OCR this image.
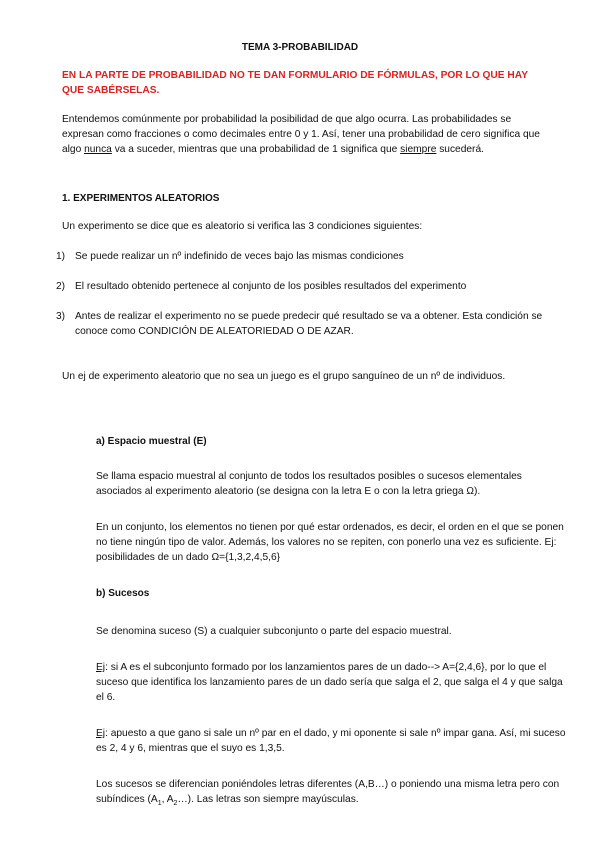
TEMA 3-PROBABILIDAD
EN LA PARTE DE PROBABILIDAD NO TE DAN FORMULARIO DE FÓRMULAS, POR LO QUE HAY QUE SABÉRSELAS.
Entendemos comúnmente por probabilidad la posibilidad de que algo ocurra. Las probabilidades se expresan como fracciones o como decimales entre 0 y 1. Así, tener una probabilidad de cero significa que algo nunca va a suceder, mientras que una probabilidad de 1 significa que siempre sucederá.
1. EXPERIMENTOS ALEATORIOS
Un experimento se dice que es aleatorio si verifica las 3 condiciones siguientes:
1) Se puede realizar un nº indefinido de veces bajo las mismas condiciones
2) El resultado obtenido pertenece al conjunto de los posibles resultados del experimento
3) Antes de realizar el experimento no se puede predecir qué resultado se va a obtener. Esta condición se conoce como CONDICIÓN DE ALEATORIEDAD O DE AZAR.
Un ej de experimento aleatorio que no sea un juego es el grupo sanguíneo de un nº de individuos.
a) Espacio muestral (E)
Se llama espacio muestral al conjunto de todos los resultados posibles o sucesos elementales asociados al experimento aleatorio (se designa con la letra E o con la letra griega Ω).
En un conjunto, los elementos no tienen por qué estar ordenados, es decir, el orden en el que se ponen no tiene ningún tipo de valor. Además, los valores no se repiten, con ponerlo una vez es suficiente. Ej: posibilidades de un dado Ω={1,3,2,4,5,6}
b) Sucesos
Se denomina suceso (S) a cualquier subconjunto o parte del espacio muestral.
Ej: si A es el subconjunto formado por los lanzamientos pares de un dado--> A={2,4,6}, por lo que el suceso que identifica los lanzamiento pares de un dado sería que salga el 2, que salga el 4 y que salga el 6.
Ej: apuesto a que gano si sale un nº par en el dado, y mi oponente si sale nº impar gana. Así, mi suceso es 2, 4 y 6, mientras que el suyo es 1,3,5.
Los sucesos se diferencian poniéndoles letras diferentes (A,B…) o poniendo una misma letra pero con subíndices ($A_1$, $A_2\dots$). Las letras son siempre mayúsculas.
